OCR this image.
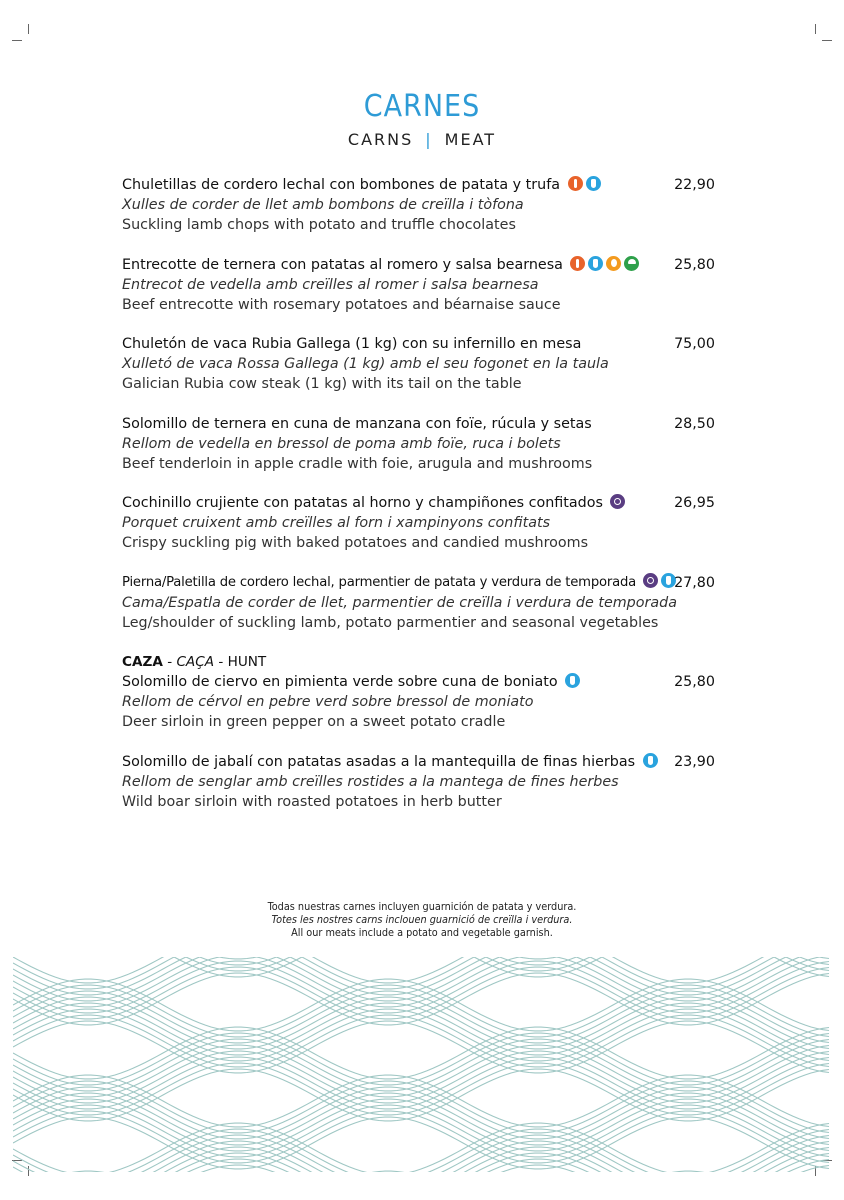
CARNES
CARNS | MEAT
Chuletillas de cordero lechal con bombones de patata y trufa
Xulles de corder de llet amb bombons de creïlla i tòfona
Suckling lamb chops with potato and truffle chocolates
22,90
Entrecotte de ternera con patatas al romero y salsa bearnesa
Entrecot de vedella amb creïlles al romer i salsa bearnesa
Beef entrecotte with rosemary potatoes and béarnaise sauce
25,80
Chuletón de vaca Rubia Gallega (1 kg) con su infernillo en mesa
Xulletó de vaca Rossa Gallega (1 kg) amb el seu fogonet en la taula
Galician Rubia cow steak (1 kg) with its tail on the table
75,00
Solomillo de ternera en cuna de manzana con foïe, rúcula y setas
Rellom de vedella en bressol de poma amb foïe, ruca i bolets
Beef tenderloin in apple cradle with foie, arugula and mushrooms
28,50
Cochinillo crujiente con patatas al horno y champiñones confitados
Porquet cruixent amb creïlles al forn i xampinyons confitats
Crispy suckling pig with baked potatoes and candied mushrooms
26,95
Pierna/Paletilla de cordero lechal, parmentier de patata y verdura de temporada
Cama/Espatla de corder de llet, parmentier de creïlla i verdura de temporada
Leg/shoulder of suckling lamb, potato parmentier and seasonal vegetables
27,80
CAZA - CAÇA - HUNT
Solomillo de ciervo en pimienta verde sobre cuna de boniato
Rellom de cérvol en pebre verd sobre bressol de moniato
Deer sirloin in green pepper on a sweet potato cradle
25,80
Solomillo de jabalí con patatas asadas a la mantequilla de finas hierbas
Rellom de senglar amb creïlles rostides a la mantega de fines herbes
Wild boar sirloin with roasted potatoes in herb butter
23,90
Todas nuestras carnes incluyen guarnición de patata y verdura.
Totes les nostres carns inclouen guarnició de creïlla i verdura.
All our meats include a potato and vegetable garnish.
